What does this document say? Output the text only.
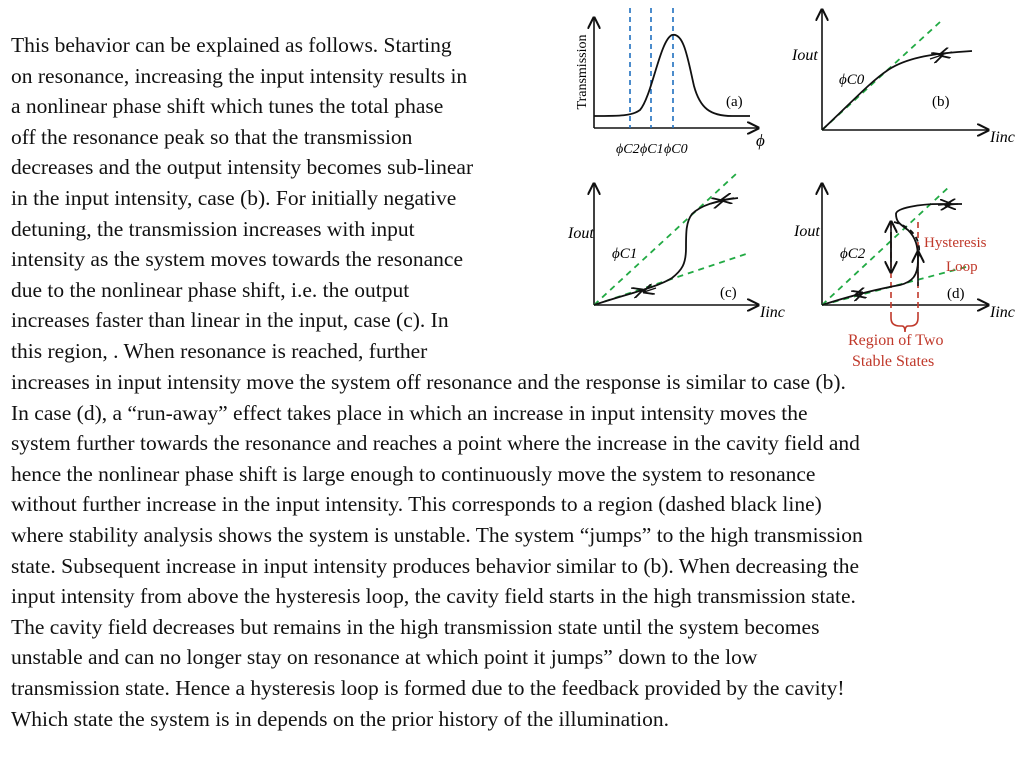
This behavior can be explained as follows. Starting
on resonance, increasing the input intensity results in
a nonlinear phase shift which tunes the total phase
off the resonance peak so that the transmission
decreases and the output intensity becomes sub-linear
in the input intensity, case (b). For initially negative
detuning, the transmission increases with input
intensity as the system moves towards the resonance
due to the nonlinear phase shift, i.e. the output
increases faster than linear in the input, case (c). In
this region, . When resonance is reached, further
Transmission	(a)
ϕ
ϕC2 ϕC1 ϕC0
Iout
ϕC0
(b)
Iinc
Iout
ϕC1
(c)
Iinc
Iout
ϕC2
(d)
Iinc
Hysteresis
Loop
Region of Two
Stable States
increases in input intensity move the system off resonance and the response is similar to case (b).
In case (d), a “run-away” effect takes place in which an increase in input intensity moves the
system further towards the resonance and reaches a point where the increase in the cavity field and
hence the nonlinear phase shift is large enough to continuously move the system to resonance
without further increase in the input intensity. This corresponds to a region (dashed black line)
where stability analysis shows the system is unstable. The system “jumps” to the high transmission
state. Subsequent increase in input intensity produces behavior similar to (b). When decreasing the
input intensity from above the hysteresis loop, the cavity field starts in the high transmission state.
The cavity field decreases but remains in the high transmission state until the system becomes
unstable and can no longer stay on resonance at which point it jumps” down to the low
transmission state. Hence a hysteresis loop is formed due to the feedback provided by the cavity!
Which state the system is in depends on the prior history of the illumination.
